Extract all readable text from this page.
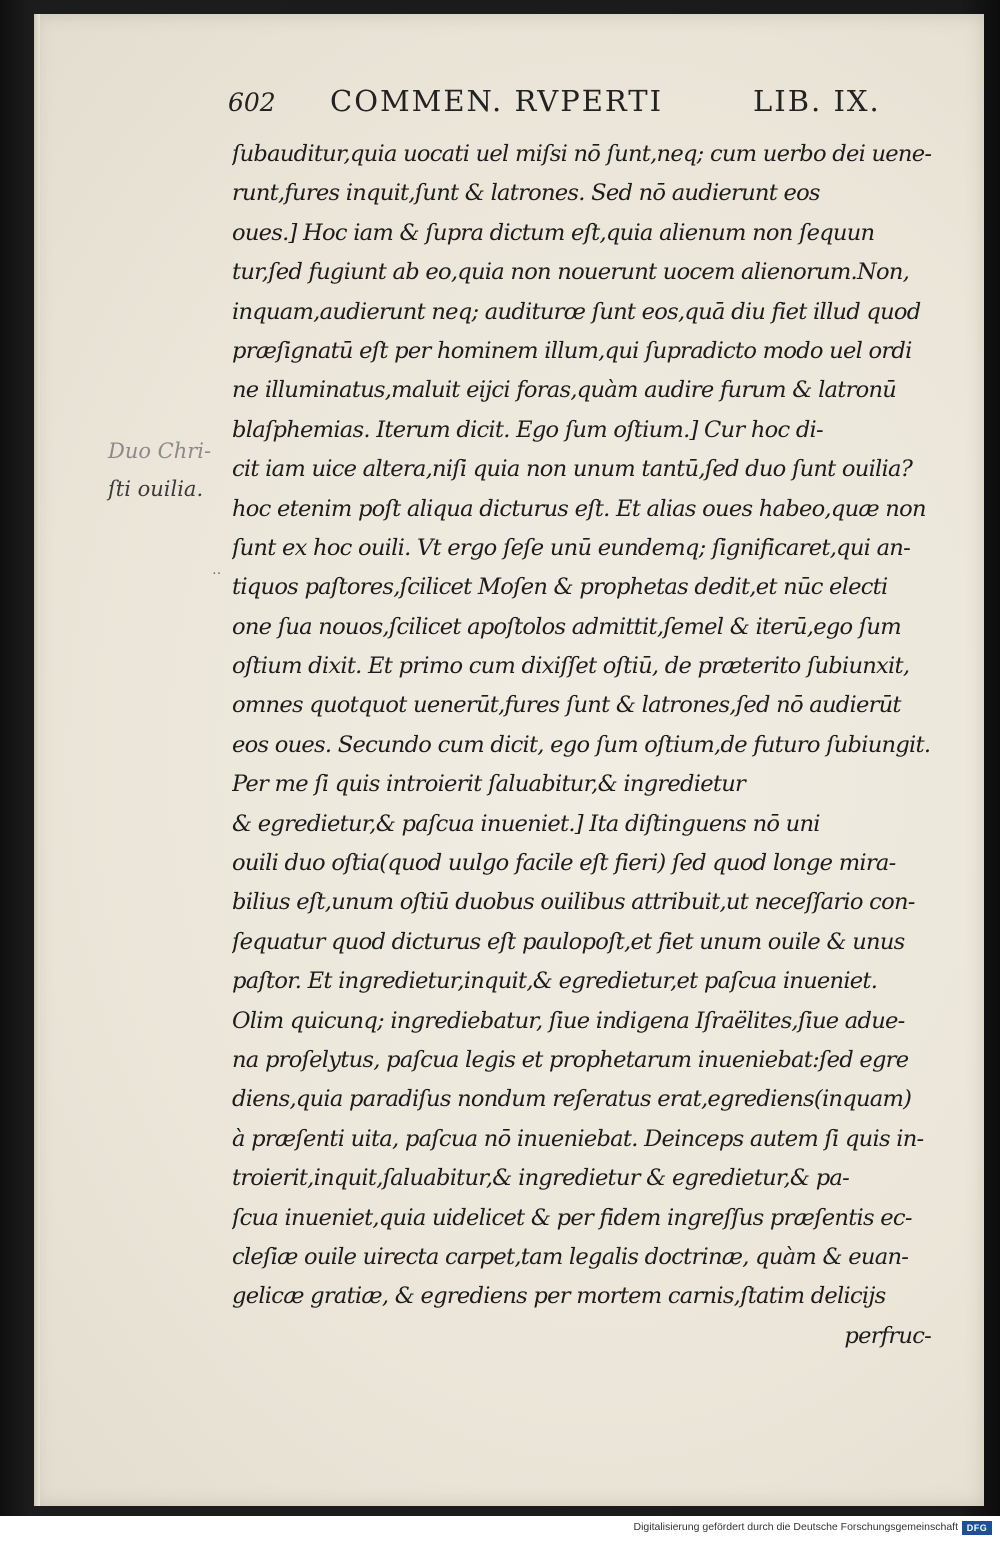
602 COMMEN. RVPERTI	LIB. IX.
Duo Chri-
ſti ouilia.
‥
ſubauditur,quia uocati uel miſsi nō ſunt,neq; cum uerbo dei uene-
runt,fures inquit,ſunt & latrones. Sed nō audierunt eos
oues.] Hoc iam & ſupra dictum eſt,quia alienum non ſequun
tur,ſed fugiunt ab eo,quia non nouerunt uocem alienorum.Non,
inquam,audierunt neq; auditurœ ſunt eos,quā diu fiet illud quod
præſignatū eſt per hominem illum,qui ſupradicto modo uel ordi
ne illuminatus,maluit eijci foras,quàm audire furum & latronū
blaſphemias. Iterum dicit. Ego ſum oſtium.] Cur hoc di-
cit iam uice altera,niſi quia non unum tantū,ſed duo ſunt ouilia?
hoc etenim poſt aliqua dicturus eſt. Et alias oues habeo,quæ non
ſunt ex hoc ouili. Vt ergo ſeſe unū eundemq; ſignificaret,qui an-
tiquos paſtores,ſcilicet Moſen & prophetas dedit,et nūc electi
one ſua nouos,ſcilicet apoſtolos admittit,ſemel & iterū,ego ſum
oſtium dixit. Et primo cum dixiſſet oſtiū, de præterito ſubiunxit,
omnes quotquot uenerūt,fures ſunt & latrones,ſed nō audierūt
eos oues. Secundo cum dicit, ego ſum oſtium,de futuro ſubiungit.
Per me ſi quis introierit ſaluabitur,& ingredietur
& egredietur,& paſcua inueniet.] Ita diſtinguens nō uni
ouili duo oſtia(quod uulgo facile eſt fieri) ſed quod longe mira-
bilius eſt,unum oſtiū duobus ouilibus attribuit,ut neceſſario con-
ſequatur quod dicturus eſt paulopoſt,et fiet unum ouile & unus
paſtor. Et ingredietur,inquit,& egredietur,et paſcua inueniet.
Olim quicunq; ingrediebatur, ſiue indigena Iſraëlites,ſiue adue-
na proſelytus, paſcua legis et prophetarum inueniebat:ſed egre
diens,quia paradiſus nondum reſeratus erat,egrediens(inquam)
à præſenti uita, paſcua nō inueniebat. Deinceps autem ſi quis in-
troierit,inquit,ſaluabitur,& ingredietur & egredietur,& pa-
ſcua inueniet,quia uidelicet & per fidem ingreſſus præſentis ec-
cleſiæ ouile uirecta carpet,tam legalis doctrinæ, quàm & euan-
gelicæ gratiæ, & egrediens per mortem carnis,ſtatim delicijs
perfruc-
Digitalisierung gefördert durch die Deutsche Forschungsgemeinschaft DFG
